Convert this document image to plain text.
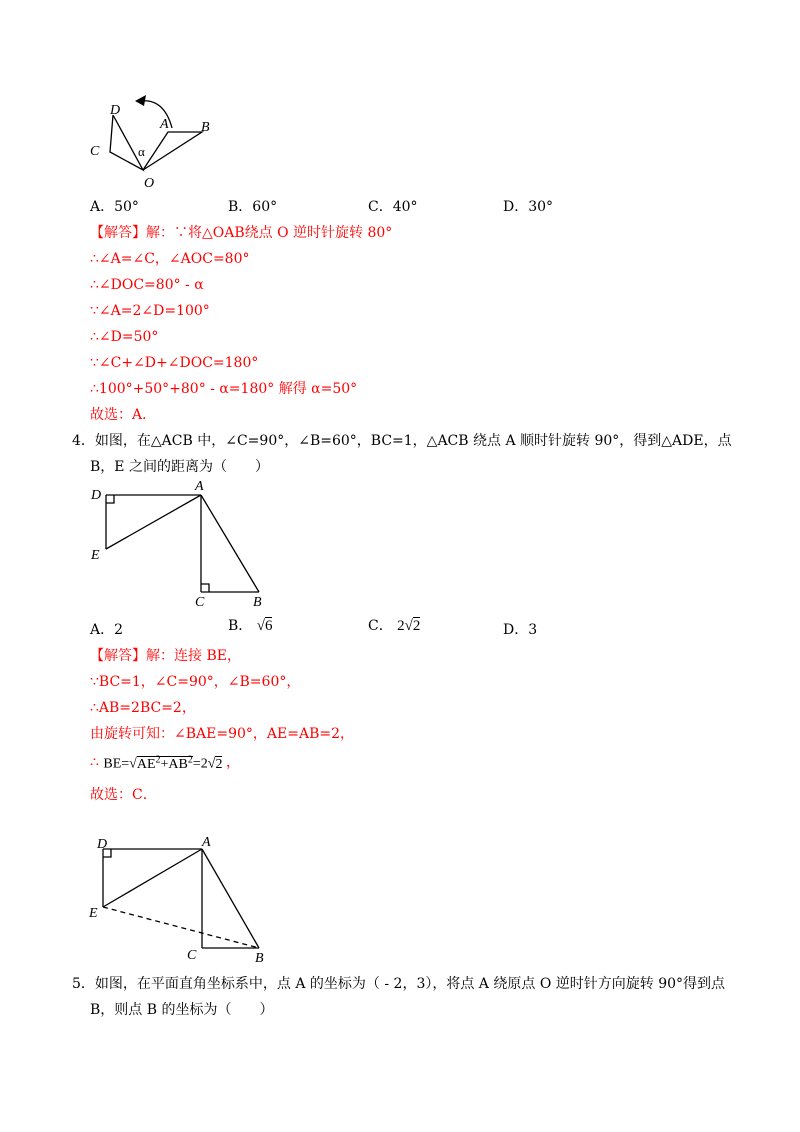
D
C
A B
O
α
A．50°	B．60°	C．40°	D．30°
【解答】解：∵将△OAB绕点 O 逆时针旋转 80°
∴∠A=∠C，∠AOC=80°
∴∠DOC=80° - α
∵∠A=2∠D=100°
∴∠D=50°
∵∠C+∠D+∠DOC=180°
∴100°+50°+80° - α=180° 解得 α=50°
故选：A．
4．如图，在△ACB 中，∠C=90°，∠B=60°，BC=1，△ACB 绕点 A 顺时针旋转 90°，得到△ADE，点
B，E 之间的距离为（　　）
D
A
E
C	B
A．2	B． √6	C． 2√2	D．3
【解答】解：连接 BE，
∵BC=1，∠C=90°，∠B=60°，
∴AB=2BC=2，
由旋转可知：∠BAE=90°，AE=AB=2，
∴ $BE=√AE^2+AB^2=2√2$ ，
故选：C．
D	A
E
C	B
5．如图，在平面直角坐标系中，点 A 的坐标为（ - 2，3），将点 A 绕原点 O 逆时针方向旋转 90°得到点
B，则点 B 的坐标为（　　）
